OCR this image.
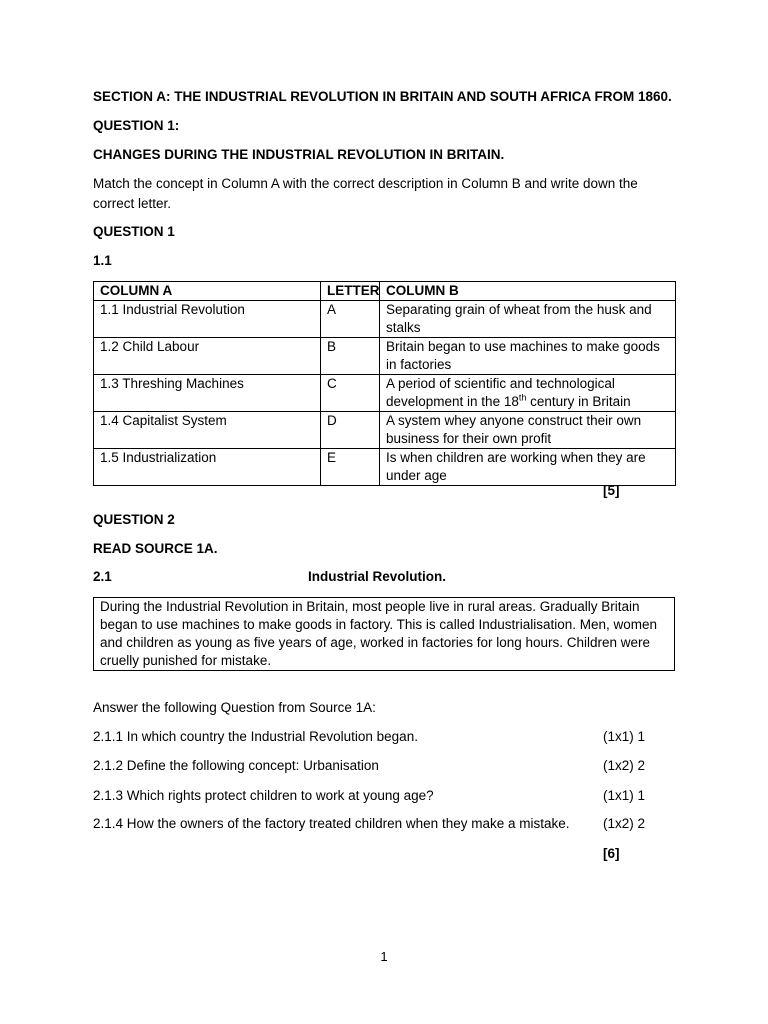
SECTION A: THE INDUSTRIAL REVOLUTION IN BRITAIN AND SOUTH AFRICA FROM 1860.
QUESTION 1:
CHANGES DURING THE INDUSTRIAL REVOLUTION IN BRITAIN.
Match the concept in Column A with the correct description in Column B and write down the correct letter.
QUESTION 1
1.1
COLUMN A	LETTER	COLUMN B
1.1 Industrial Revolution	A	Separating grain of wheat from the husk and stalks
1.2 Child Labour	B	Britain began to use machines to make goods in factories
1.3 Threshing Machines	C	A period of scientific and technological development in the 18th century in Britain
1.4 Capitalist System	D	A system whey anyone construct their own business for their own profit
1.5 Industrialization	E	Is when children are working when they are under age
[5]
QUESTION 2
READ SOURCE 1A.
2.1	Industrial Revolution.
During the Industrial Revolution in Britain, most people live in rural areas. Gradually Britain began to use machines to make goods in factory. This is called Industrialisation. Men, women and children as young as five years of age, worked in factories for long hours. Children were cruelly punished for mistake.
Answer the following Question from Source 1A:
2.1.1 In which country the Industrial Revolution began.	(1x1) 1
2.1.2 Define the following concept: Urbanisation	(1x2) 2
2.1.3 Which rights protect children to work at young age?	(1x1) 1
2.1.4 How the owners of the factory treated children when they make a mistake. (1x2) 2
[6]
1
